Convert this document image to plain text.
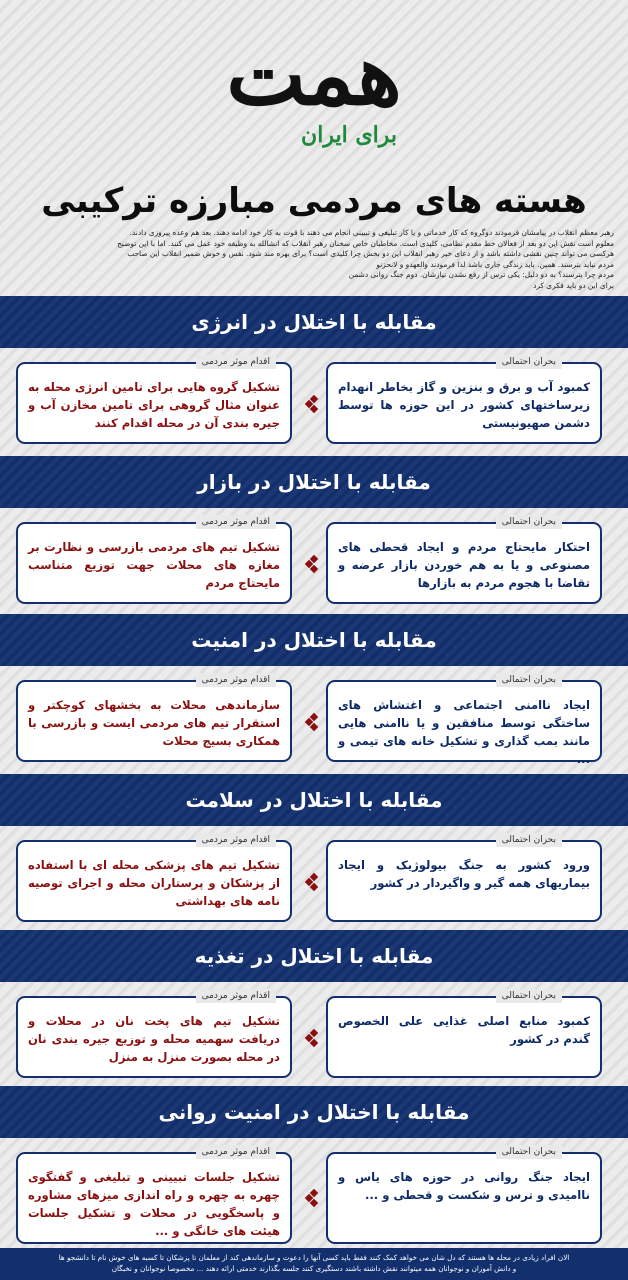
همت
برای ایران
هسته های مردمی مبارزه ترکیبی
رهبر معظم انقلاب در پیامشان فرمودند دوگروه که کار خدماتی و یا کار تبلیغی و تبیینی انجام می دهند با قوت به کار خود ادامه دهند. بعد هم وعده پیروزی دادند.
معلوم است نقش این دو بعد از فعالان خط مقدم نظامی، کلیدی است. مخاطبان خاص سخنان رهبر انقلاب که انشالله به وظیفه خود عمل می کنند. اما با این توضیح
هرکسی می تواند چنین نقشی داشته باشد و از دعای خیر رهبر انقلاب این دو بخش چرا کلیدی است؟ برای بهره مند شود. نفس و خوش ضمیر انقلاب این صاحب
مردم نباید بترسند. همین. باید زندگی جاری باشد لذا فرمودند والعهدو و لانحزنو
مردم چرا بترسند؟ به دو دلیل: یکی ترس از رفع نشدن نیازشان. دوم جنگ روانی دشمن
برای این دو باید فکری کرد
مقابله با اختلال در انرژی
بحران احتمالی
کمبود آب و برق و بنزین و گاز بخاطر انهدام زیرساختهای کشور در این حوزه ها توسط دشمن صهیونیستی
اقدام موثر مردمی
تشکیل گروه هایی برای تامین انرژی محله به عنوان مثال گروهی برای تامین مخازن آب و جیره بندی آن در محله اقدام کنند
مقابله با اختلال در بازار
بحران احتمالی
احتکار مایحتاج مردم و ایجاد قحطی های مصنوعی و یا به هم خوردن بازار عرضه و تقاضا با هجوم مردم به بازارها
اقدام موثر مردمی
تشکیل تیم های مردمی بازرسی و نظارت بر مغازه های محلات جهت توزیع متناسب مایحتاج مردم
مقابله با اختلال در امنیت
بحران احتمالی
ایجاد ناامنی اجتماعی و اغتشاش های ساختگی توسط منافقین و یا ناامنی هایی مانند بمب گذاری و تشکیل خانه های تیمی و ...
اقدام موثر مردمی
سازماندهی محلات به بخشهای کوچکتر و استقرار تیم های مردمی ایست و بازرسی با همکاری بسیج محلات
مقابله با اختلال در سلامت
بحران احتمالی
ورود کشور به جنگ بیولوژیک و ایجاد بیماریهای همه گیر و واگیردار در کشور
اقدام موثر مردمی
تشکیل تیم های پزشکی محله ای با استفاده از پزشکان و پرستاران محله و اجرای توصیه نامه های بهداشتی
مقابله با اختلال در تغذیه
بحران احتمالی
کمبود منابع اصلی غذایی علی الخصوص گندم در کشور
اقدام موثر مردمی
تشکیل تیم های پخت نان در محلات و دریافت سهمیه محله و توزیع جیره بندی نان در محله بصورت منزل به منزل
مقابله با اختلال در امنیت روانی
بحران احتمالی
ایجاد جنگ روانی در حوزه های یاس و ناامیدی و ترس و شکست و قحطی و ...
اقدام موثر مردمی
تشکیل جلسات تبیینی و تبلیغی و گفتگوی چهره به چهره و راه اندازی میزهای مشاوره و پاسخگویی در محلات و تشکیل جلسات هیئت های خانگی و ...
الان افراد زیادی در محله ها هستند که دل شان می خواهد کمک کنند فقط باید کسی آنها را دعوت و سازماندهی کند از معلمان تا پزشکان تا کسبه های خوش نام تا دانشجو ها
و دانش آموزان و نوجوانان همه میتوانند نقش داشته باشند دستگیری کنند جلسه بگذارند خدمتی ارائه دهند ... مخصوصا نوجوانان و نخبگان
